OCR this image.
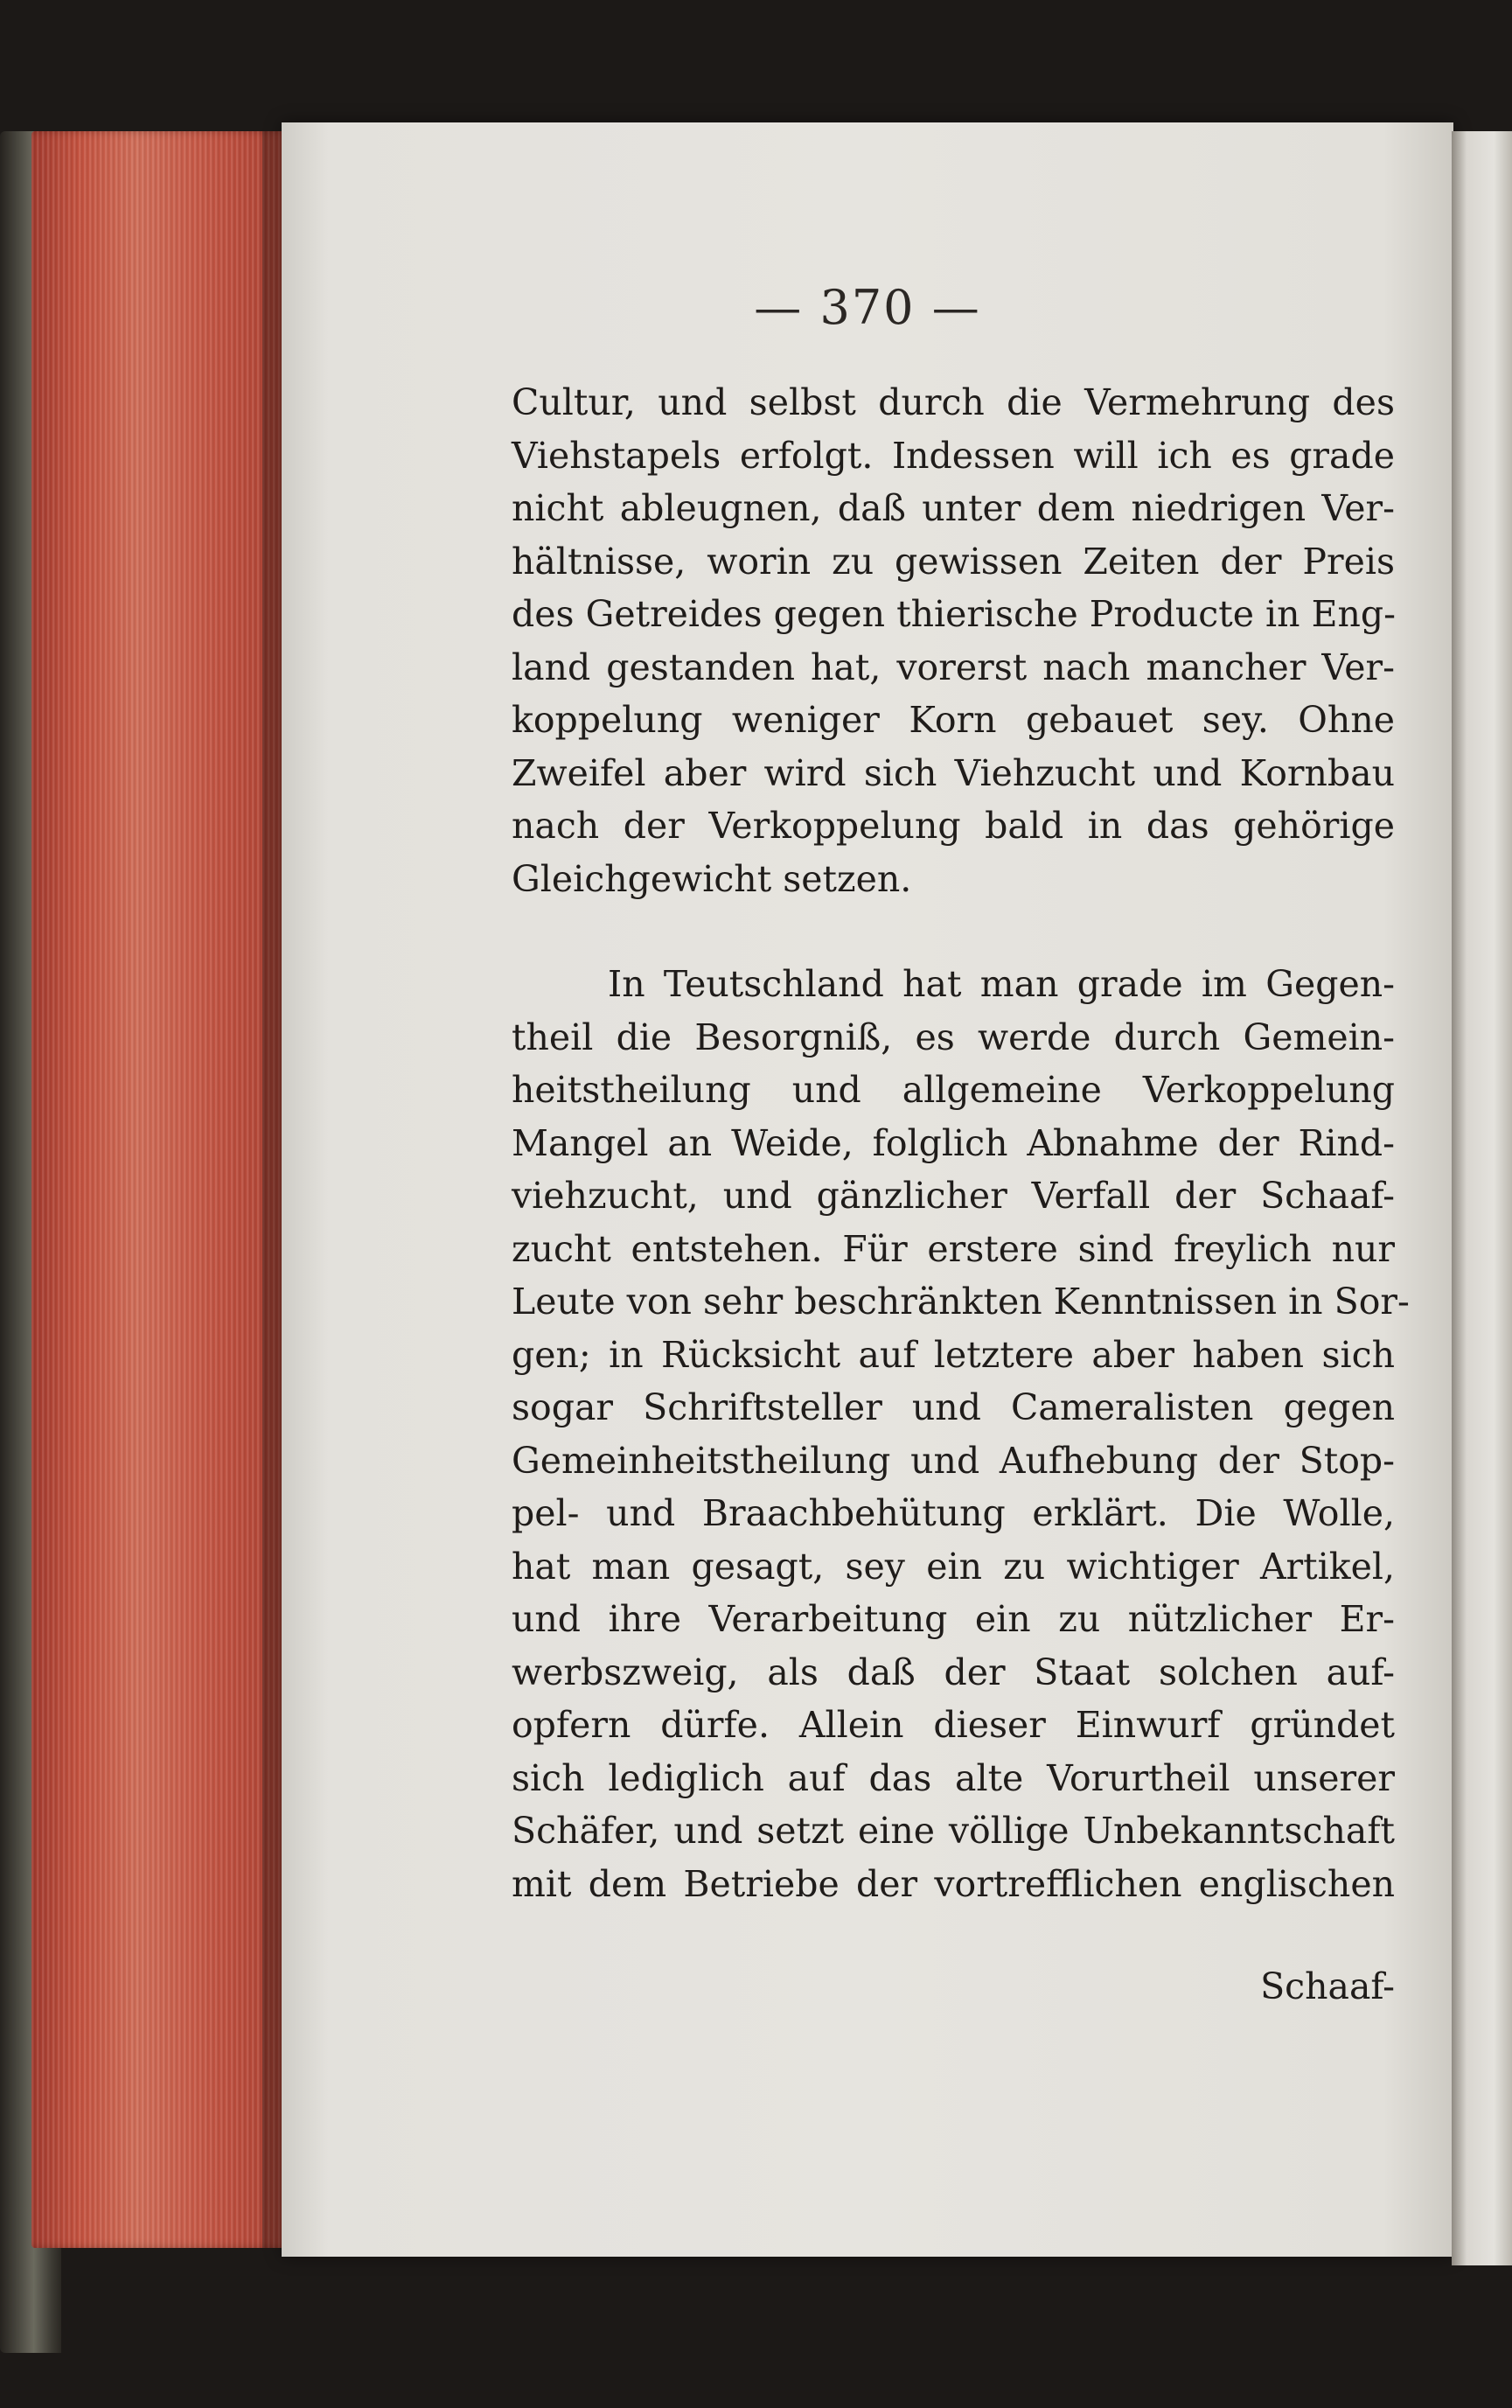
— 370 —
Cultur, und selbst durch die Vermehrung des
Viehstapels erfolgt. Indessen will ich es grade
nicht ableugnen, daß unter dem niedrigen Ver-
hältnisse, worin zu gewissen Zeiten der Preis
des Getreides gegen thierische Producte in Eng-
land gestanden hat, vorerst nach mancher Ver-
koppelung weniger Korn gebauet sey. Ohne
Zweifel aber wird sich Viehzucht und Kornbau
nach der Verkoppelung bald in das gehörige
Gleichgewicht setzen.
In Teutschland hat man grade im Gegen-
theil die Besorgniß, es werde durch Gemein-
heitstheilung und allgemeine Verkoppelung
Mangel an Weide, folglich Abnahme der Rind-
viehzucht, und gänzlicher Verfall der Schaaf-
zucht entstehen. Für erstere sind freylich nur
Leute von sehr beschränkten Kenntnissen in Sor-
gen; in Rücksicht auf letztere aber haben sich
sogar Schriftsteller und Cameralisten gegen
Gemeinheitstheilung und Aufhebung der Stop-
pel- und Braachbehütung erklärt. Die Wolle,
hat man gesagt, sey ein zu wichtiger Artikel,
und ihre Verarbeitung ein zu nützlicher Er-
werbszweig, als daß der Staat solchen auf-
opfern dürfe. Allein dieser Einwurf gründet
sich lediglich auf das alte Vorurtheil unserer
Schäfer, und setzt eine völlige Unbekanntschaft
mit dem Betriebe der vortrefflichen englischen
Schaaf-
